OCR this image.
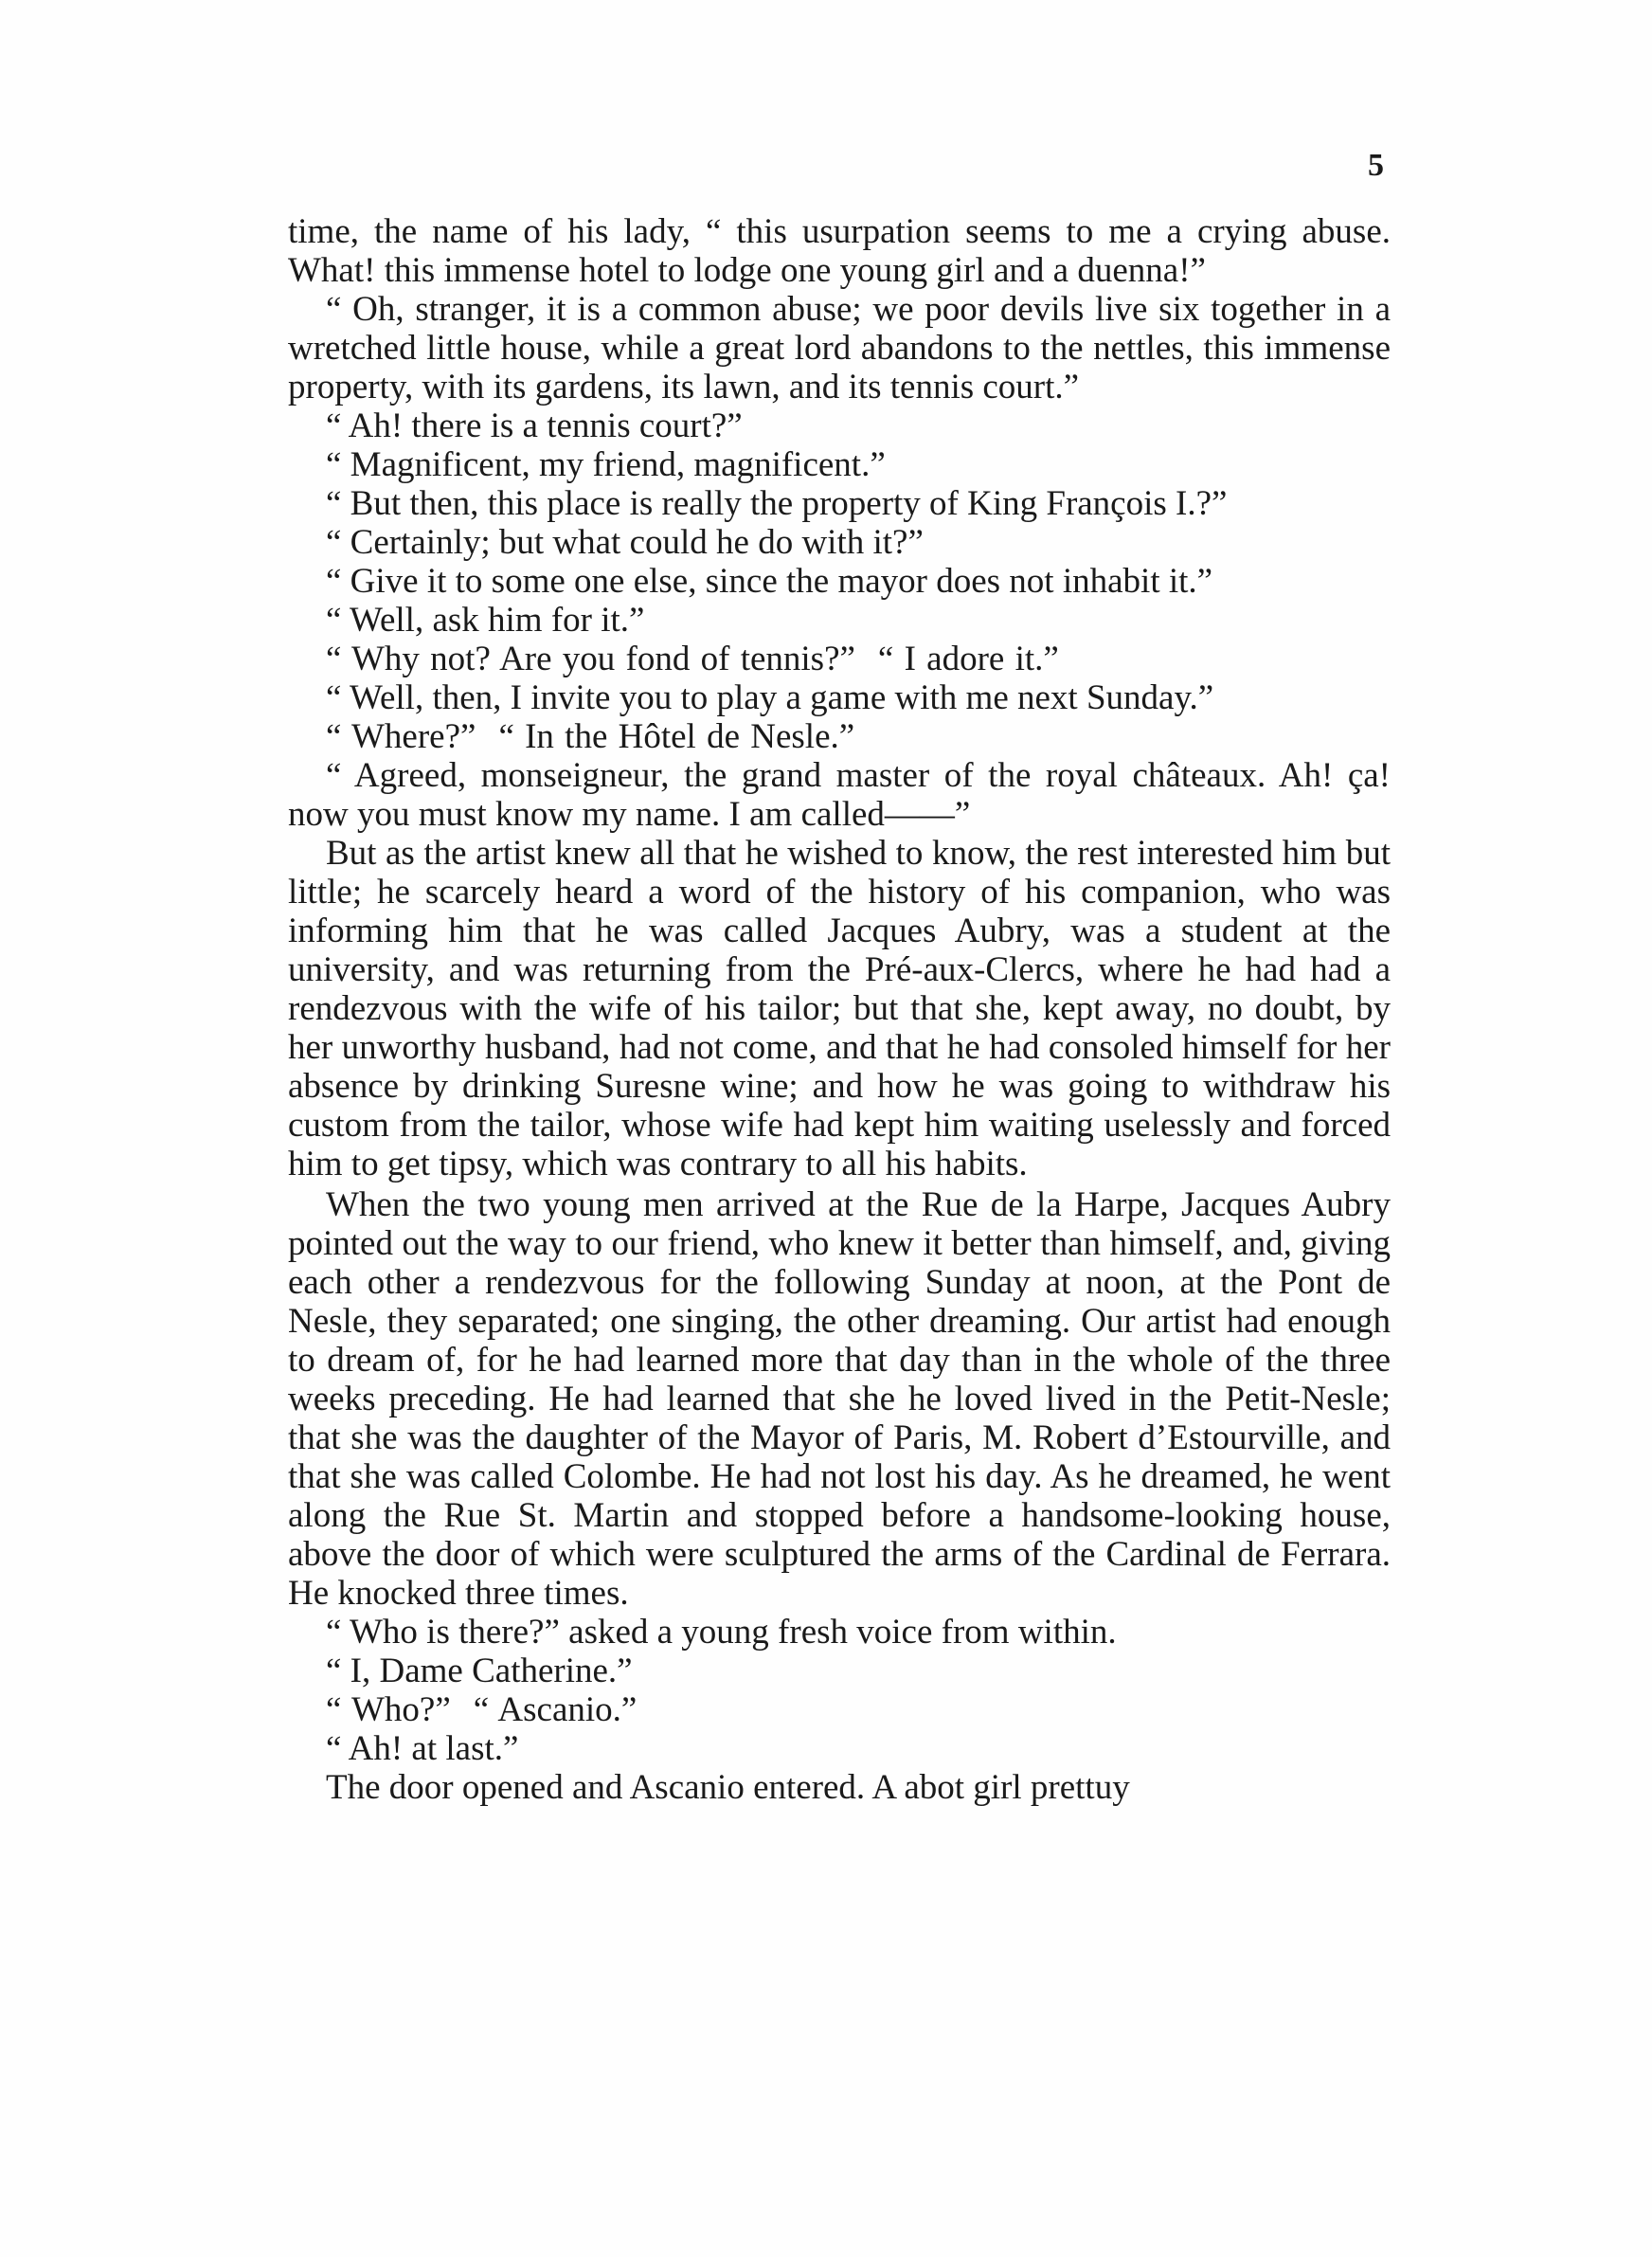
5

time, the name of his lady, “ this usurpation seems to me a crying abuse. What! this immense hotel to lodge one young girl and a duenna!”

“ Oh, stranger, it is a common abuse; we poor devils live six together in a wretched little house, while a great lord abandons to the nettles, this immense property, with its gardens, its lawn, and its tennis court.”

“ Ah! there is a tennis court?”

“ Magnificent, my friend, magnificent.”

“ But then, this place is really the property of King François I.?”

“ Certainly; but what could he do with it?”

“ Give it to some one else, since the mayor does not inhabit it.”

“ Well, ask him for it.”

“ Why not? Are you fond of tennis?” “ I adore it.”

“ Well, then, I invite you to play a game with me next Sunday.”

“ Where?” “ In the Hôtel de Nesle.”

“ Agreed, monseigneur, the grand master of the royal châteaux. Ah! ça! now you must know my name. I am called——”

But as the artist knew all that he wished to know, the rest interested him but little; he scarcely heard a word of the history of his companion, who was informing him that he was called Jacques Aubry, was a student at the university, and was returning from the Pré-aux-Clercs, where he had had a rendezvous with the wife of his tailor; but that she, kept away, no doubt, by her unworthy husband, had not come, and that he had consoled himself for her absence by drinking Suresne wine; and how he was going to withdraw his custom from the tailor, whose wife had kept him waiting uselessly and forced him to get tipsy, which was contrary to all his habits.

When the two young men arrived at the Rue de la Harpe, Jacques Aubry pointed out the way to our friend, who knew it better than himself, and, giving each other a rendezvous for the following Sunday at noon, at the Pont de Nesle, they separated; one singing, the other dreaming. Our artist had enough to dream of, for he had learned more that day than in the whole of the three weeks preceding. He had learned that she he loved lived in the Petit-Nesle; that she was the daughter of the Mayor of Paris, M. Robert d’Estourville, and that she was called Colombe. He had not lost his day. As he dreamed, he went along the Rue St. Martin and stopped before a handsome-looking house, above the door of which were sculptured the arms of the Cardinal de Ferrara. He knocked three times.

“ Who is there?” asked a young fresh voice from within.

“ I, Dame Catherine.”

“ Who?” “ Ascanio.”

“ Ah! at last.”

The door opened and Ascanio entered. A abot girl prettuy
